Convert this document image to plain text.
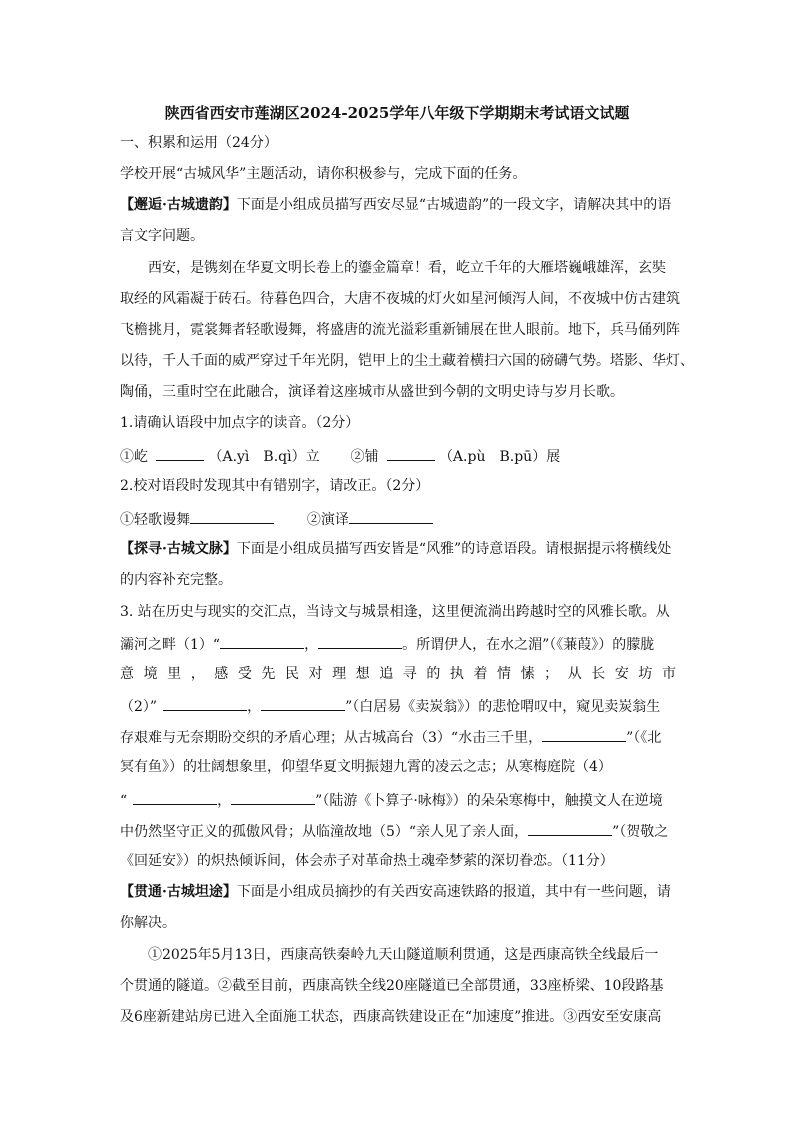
陕西省西安市莲湖区2024-2025学年八年级下学期期末考试语文试题
一、积累和运用（24分）
学校开展“古城风华”主题活动，请你积极参与，完成下面的任务。
【邂逅·古城遗韵】下面是小组成员描写西安尽显“古城遗韵”的一段文字，请解决其中的语
言文字问题。
西安，是镌刻在华夏文明长卷上的鎏金篇章！看，屹立千年的大雁塔巍峨雄浑，玄奘
取经的风霜凝于砖石。待暮色四合，大唐不夜城的灯火如星河倾泻人间，不夜城中仿古建筑
飞檐挑月，霓裳舞者轻歌谩舞，将盛唐的流光溢彩重新铺展在世人眼前。地下，兵马俑列阵
以待，千人千面的威严穿过千年光阴，铠甲上的尘土藏着横扫六国的磅礴气势。塔影、华灯、
陶俑，三重时空在此融合，演译着这座城市从盛世到今朝的文明史诗与岁月长歌。
1.请确认语段中加点字的读音。（2分）
①屹	（A.yì　B.qì）立 ②铺	（A.pù　B.pū）展
2.校对语段时发现其中有错别字，请改正。（2分）
①轻歌谩舞	②演译
【探寻·古城文脉】下面是小组成员描写西安皆是“风雅”的诗意语段。请根据提示将横线处
的内容补充完整。
3. 站在历史与现实的交汇点，当诗文与城景相逢，这里便流淌出跨越时空的风雅长歌。从
灞河之畔（1）“	，	。所谓伊人，在水之湄”（《蒹葭》）的朦胧
意 境 里 ， 感 受 先 民 对 理 想 追 寻 的 执 着 情 愫 ； 从 长 安 坊 市
（2）”	，	”（白居易《卖炭翁》）的悲怆喟叹中，窥见卖炭翁生
存艰难与无奈期盼交织的矛盾心理；从古城高台（3）“水击三千里，	”（《北
冥有鱼》）的壮阔想象里，仰望华夏文明振翅九霄的凌云之志；从寒梅庭院（4）
“	，	”（陆游《卜算子·咏梅》）的朵朵寒梅中，触摸文人在逆境
中仍然坚守正义的孤傲风骨；从临潼故地（5）“亲人见了亲人面，	”（贺敬之
《回延安》）的炽热倾诉间，体会赤子对革命热土魂牵梦萦的深切眷恋。（11分）
【贯通·古城坦途】下面是小组成员摘抄的有关西安高速铁路的报道，其中有一些问题，请
你解决。
①2025年5月13日，西康高铁秦岭九天山隧道顺利贯通，这是西康高铁全线最后一
个贯通的隧道。②截至目前，西康高铁全线20座隧道已全部贯通，33座桥梁、10段路基
及6座新建站房已进入全面施工状态，西康高铁建设正在“加速度”推进。③西安至安康高
